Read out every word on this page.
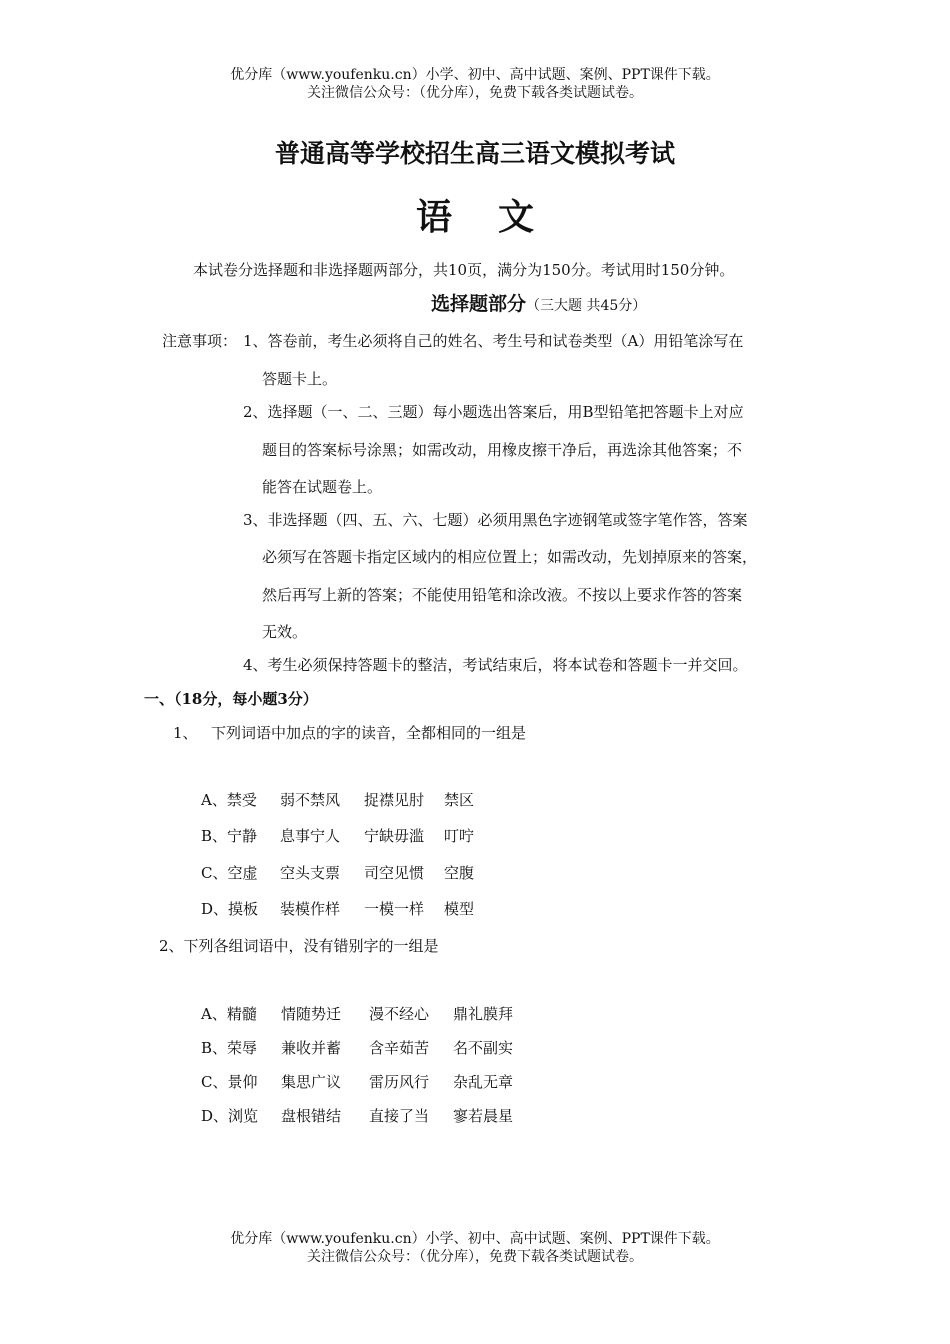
优分库（www.youfenku.cn）小学、初中、高中试题、案例、PPT课件下载。
关注微信公众号：（优分库），免费下载各类试题试卷。
普通高等学校招生高三语文模拟考试
语文
本试卷分选择题和非选择题两部分，共10页，满分为150分。考试用时150分钟。
选择题部分（三大题 共45分）
注意事项： 1、答卷前，考生必须将自己的姓名、考生号和试卷类型（A）用铅笔涂写在
答题卡上。
2、选择题（一、二、三题）每小题选出答案后，用B型铅笔把答题卡上对应
题目的答案标号涂黑；如需改动，用橡皮擦干净后，再选涂其他答案；不
能答在试题卷上。
3、非选择题（四、五、六、七题）必须用黑色字迹钢笔或签字笔作答，答案
必须写在答题卡指定区域内的相应位置上；如需改动，先划掉原来的答案，
然后再写上新的答案；不能使用铅笔和涂改液。不按以上要求作答的答案
无效。
4、考生必须保持答题卡的整洁，考试结束后，将本试卷和答题卡一并交回。
一、（18分，每小题3分）
1、 下列词语中加点的字的读音，全都相同的一组是
A、禁受 弱不禁风 捉襟见肘 禁区
B、宁静 息事宁人 宁缺毋滥 叮咛
C、空虚 空头支票 司空见惯 空腹
D、摸板 装模作样 一模一样 模型
2、下列各组词语中，没有错别字的一组是
A、精髓 情随势迁 漫不经心 鼎礼膜拜
B、荣辱 兼收并蓄 含辛茹苦 名不副实
C、景仰 集思广议 雷历风行 杂乱无章
D、浏览 盘根错结 直接了当 寥若晨星
优分库（www.youfenku.cn）小学、初中、高中试题、案例、PPT课件下载。
关注微信公众号：（优分库），免费下载各类试题试卷。
